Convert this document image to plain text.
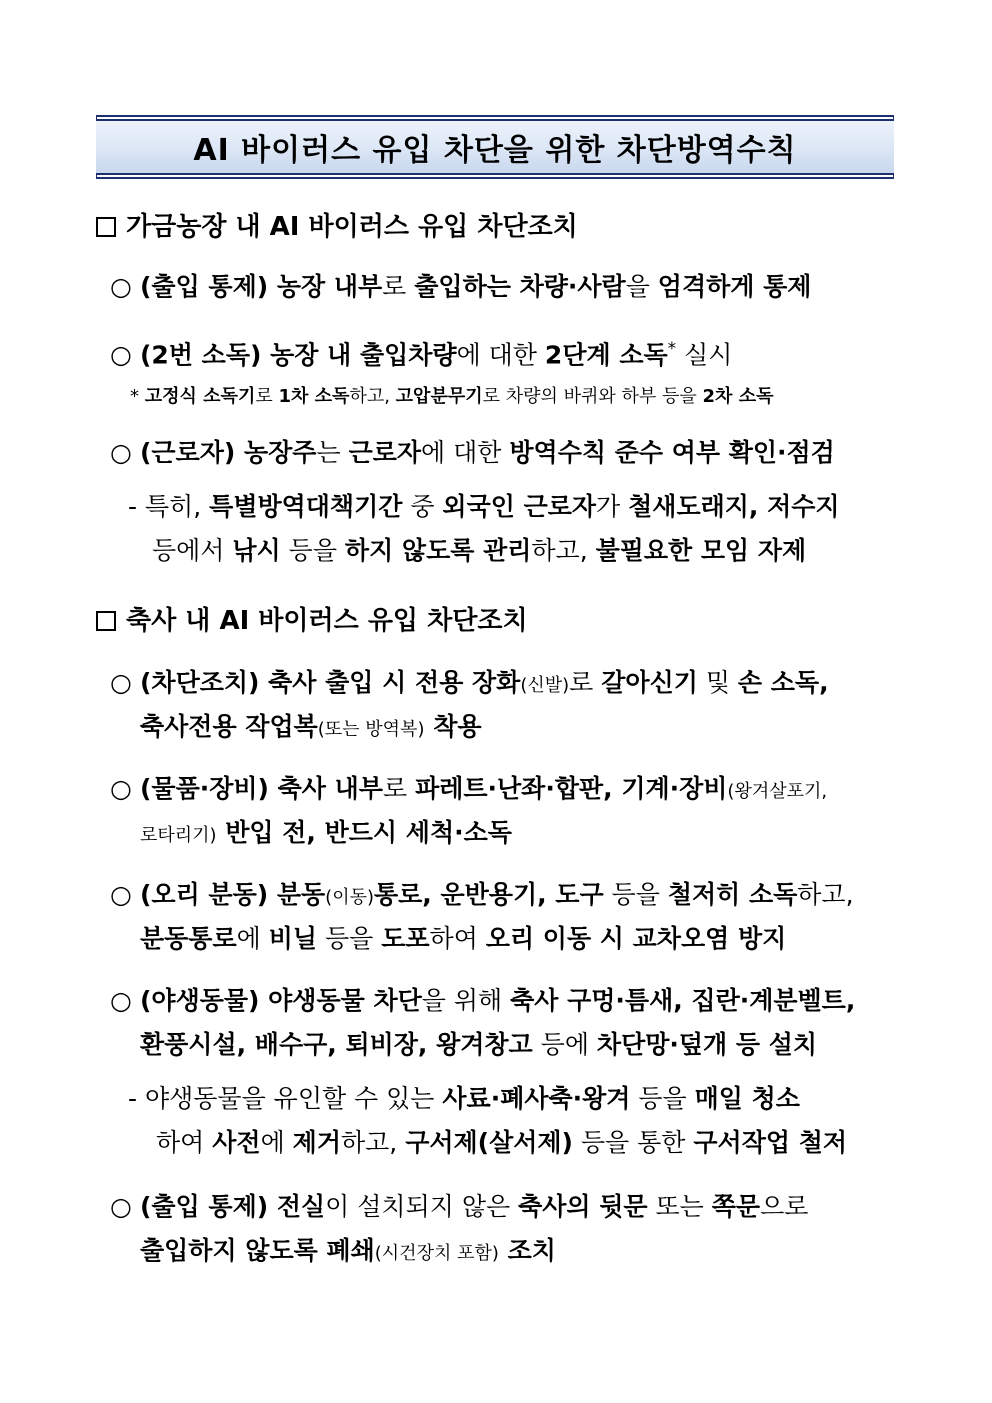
AI 바이러스 유입 차단을 위한 차단방역수칙
가금농장 내 AI 바이러스 유입 차단조치
○ (출입 통제) 농장 내부로 출입하는 차량·사람을 엄격하게 통제
○ (2번 소독) 농장 내 출입차량에 대한 2단계 소독* 실시
* 고정식 소독기로 1차 소독하고, 고압분무기로 차량의 바퀴와 하부 등을 2차 소독
○ (근로자) 농장주는 근로자에 대한 방역수칙 준수 여부 확인·점검
- 특히, 특별방역대책기간 중 외국인 근로자가 철새도래지, 저수지
등에서 낚시 등을 하지 않도록 관리하고, 불필요한 모임 자제
축사 내 AI 바이러스 유입 차단조치
○ (차단조치) 축사 출입 시 전용 장화(신발)로 갈아신기 및 손 소독,
축사전용 작업복(또는 방역복) 착용
○ (물품·장비) 축사 내부로 파레트·난좌·합판, 기계·장비(왕겨살포기,
로타리기) 반입 전, 반드시 세척·소독
○ (오리 분동) 분동(이동)통로, 운반용기, 도구 등을 철저히 소독하고,
분동통로에 비닐 등을 도포하여 오리 이동 시 교차오염 방지
○ (야생동물) 야생동물 차단을 위해 축사 구멍·틈새, 집란·계분벨트,
환풍시설, 배수구, 퇴비장, 왕겨창고 등에 차단망·덮개 등 설치
- 야생동물을 유인할 수 있는 사료·폐사축·왕겨 등을 매일 청소
하여 사전에 제거하고, 구서제(살서제) 등을 통한 구서작업 철저
○ (출입 통제) 전실이 설치되지 않은 축사의 뒷문 또는 쪽문으로
출입하지 않도록 폐쇄(시건장치 포함) 조치
